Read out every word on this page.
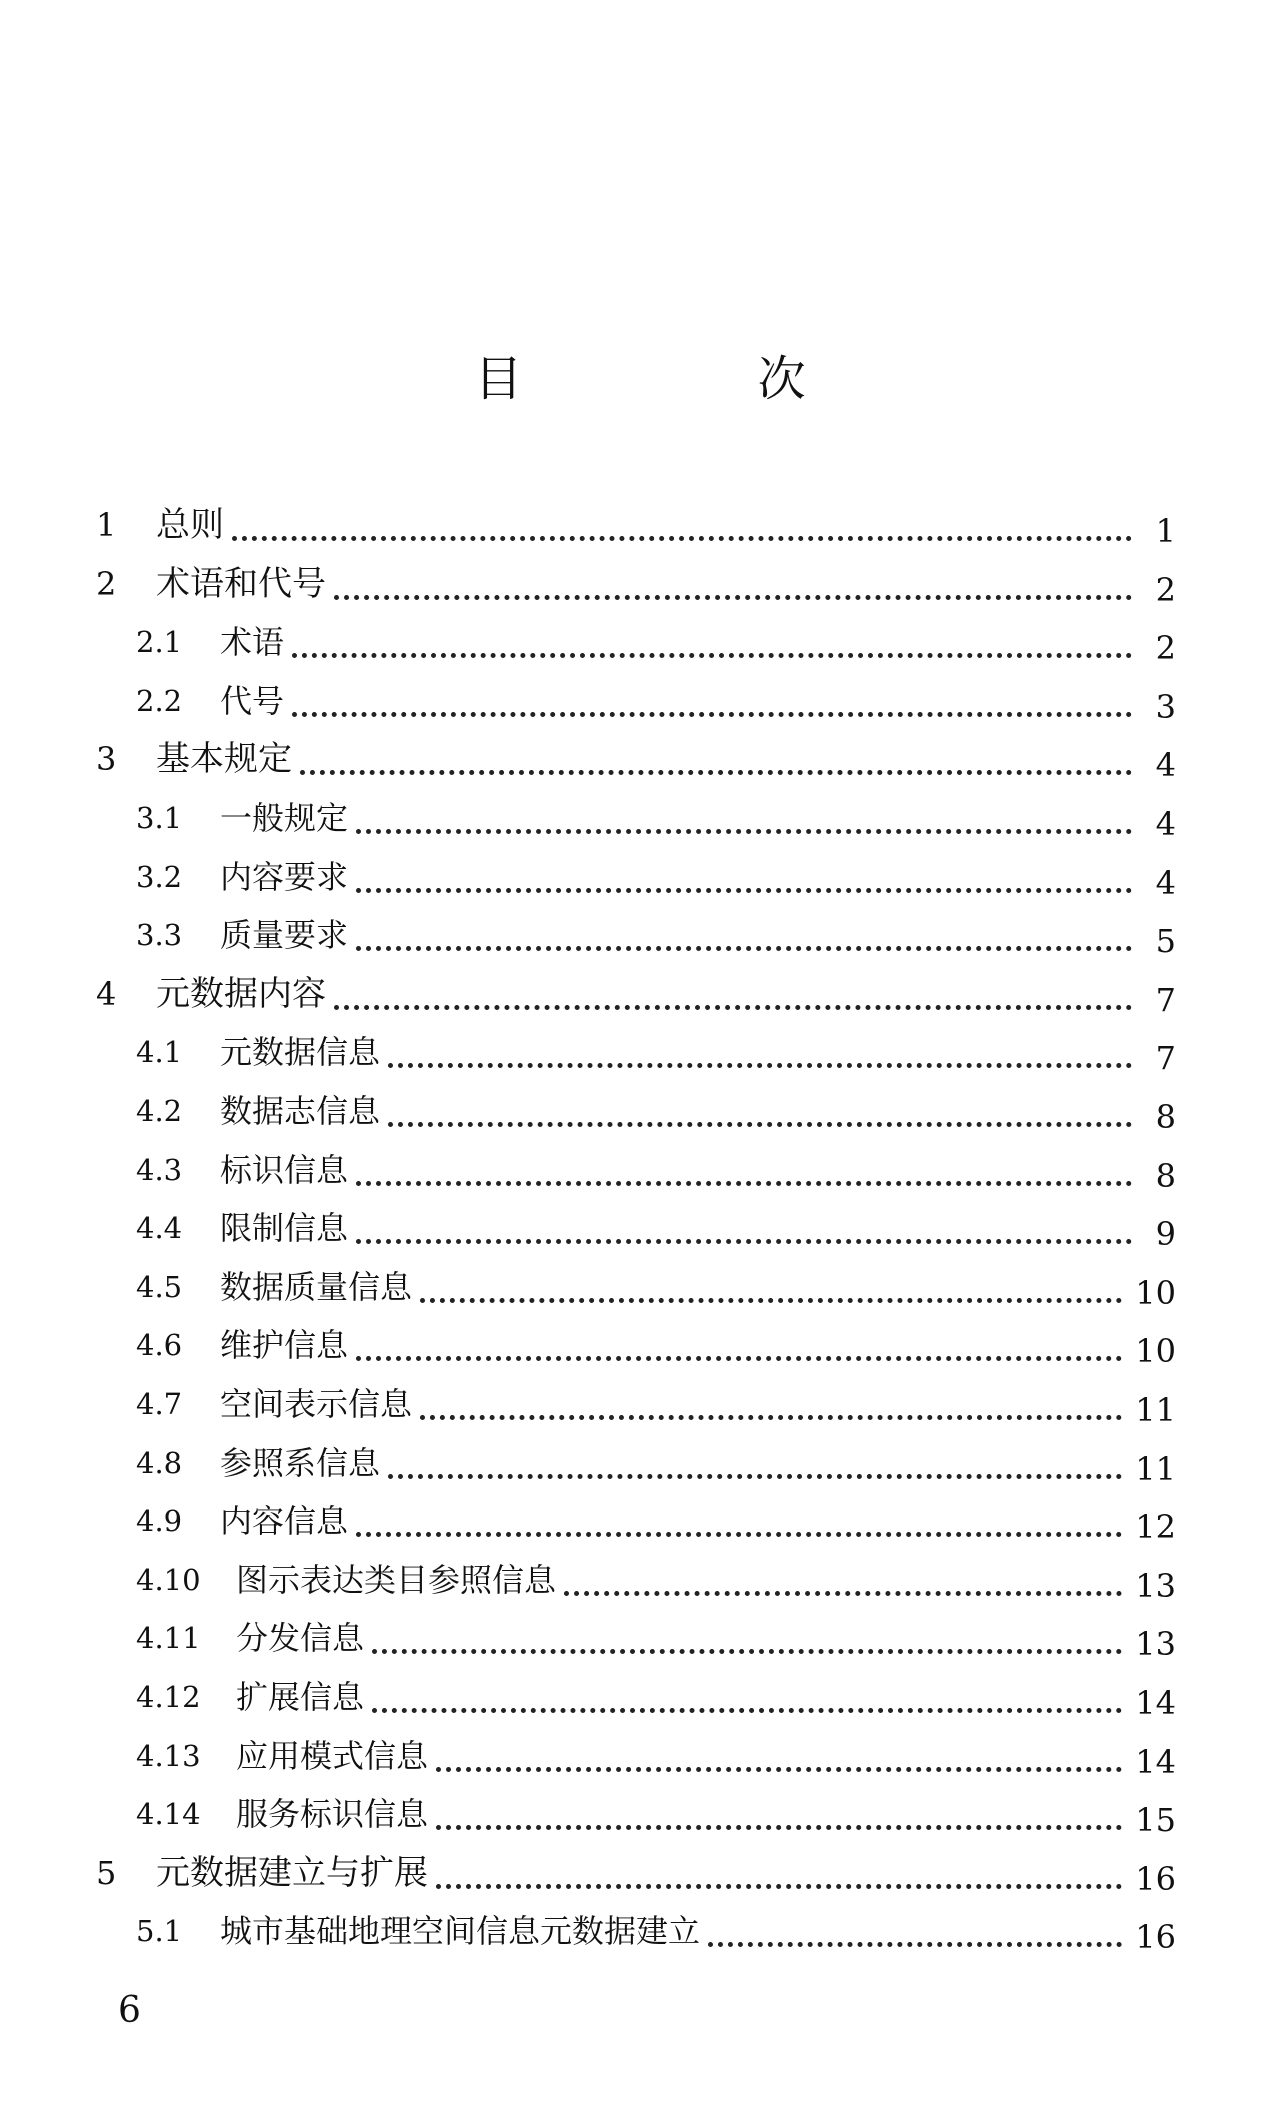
目 次
1 总则	1
2 术语和代号	2
2.1 术语	2
2.2 代号	3
3 基本规定	4
3.1 一般规定	4
3.2 内容要求	4
3.3 质量要求	5
4 元数据内容	7
4.1 元数据信息	7
4.2 数据志信息	8
4.3 标识信息	8
4.4 限制信息	9
4.5 数据质量信息	10
4.6 维护信息	10
4.7 空间表示信息	11
4.8 参照系信息	11
4.9 内容信息	12
4.10 图示表达类目参照信息	13
4.11 分发信息	13
4.12 扩展信息	14
4.13 应用模式信息	14
4.14 服务标识信息	15
5 元数据建立与扩展	16
5.1 城市基础地理空间信息元数据建立	16
6
